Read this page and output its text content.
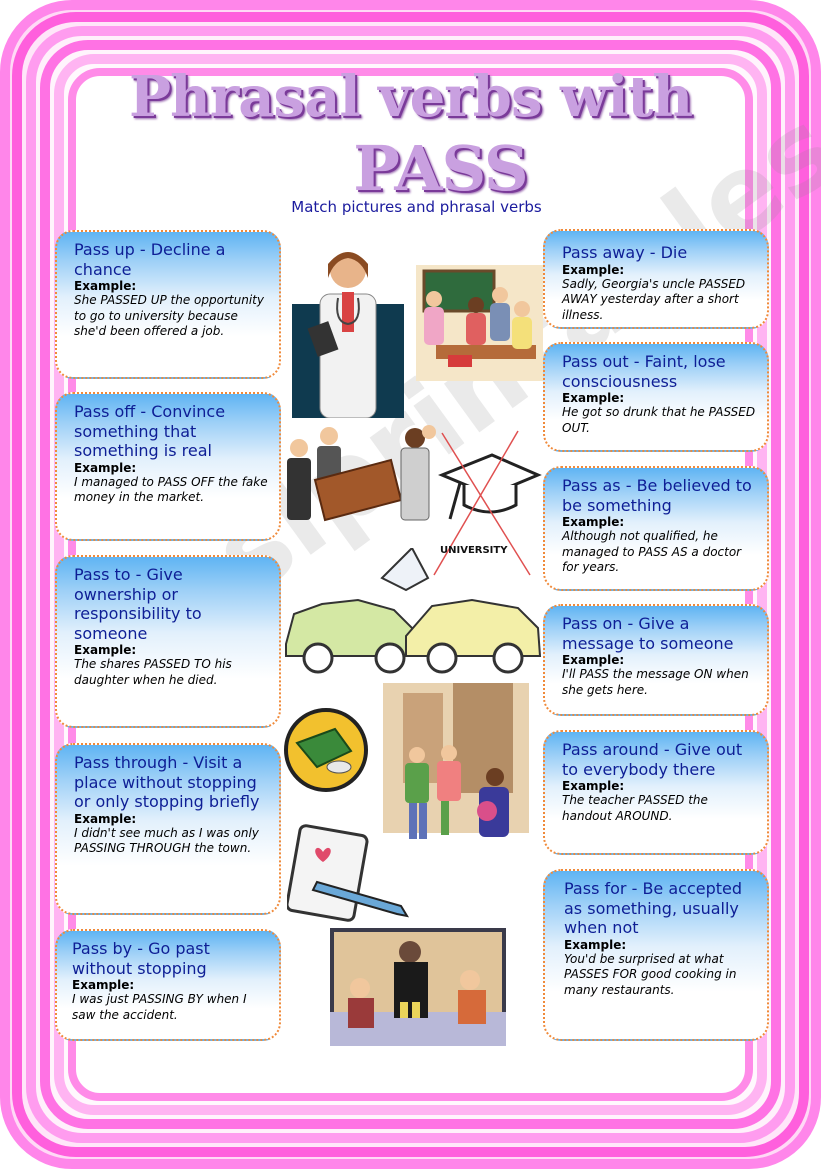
Phrasal verbs with
PASS

Match pictures and phrasal verbs

Pass up - Decline a chance
Example:
She PASSED UP the opportunity to go to university because she'd been offered a job.
Pass off - Convince something that something is real
Example:
I managed to PASS OFF the fake money in the market.
Pass to - Give ownership or responsibility to someone
Example:
The shares PASSED TO his daughter when he died.
Pass through - Visit a place without stopping or only stopping briefly
Example:
I didn't see much as I was only PASSING THROUGH the town.
Pass by - Go past without stopping
Example:
I was just PASSING BY when I saw the accident.
Pass away - Die
Example:
Sadly, Georgia's uncle PASSED AWAY yesterday after a short illness.
Pass out - Faint, lose consciousness
Example:
He got so drunk that he PASSED OUT.
Pass as - Be believed to be something
Example:
Although not qualified, he managed to PASS AS a doctor for years.
Pass on - Give a message to someone
Example:
I'll PASS the message ON when she gets here.
Pass around - Give out to everybody there
Example:
The teacher PASSED the handout AROUND.
Pass for - Be accepted as something, usually when not
Example:
You'd be surprised at what PASSES FOR good cooking in many restaurants.
UNIVERSITY
